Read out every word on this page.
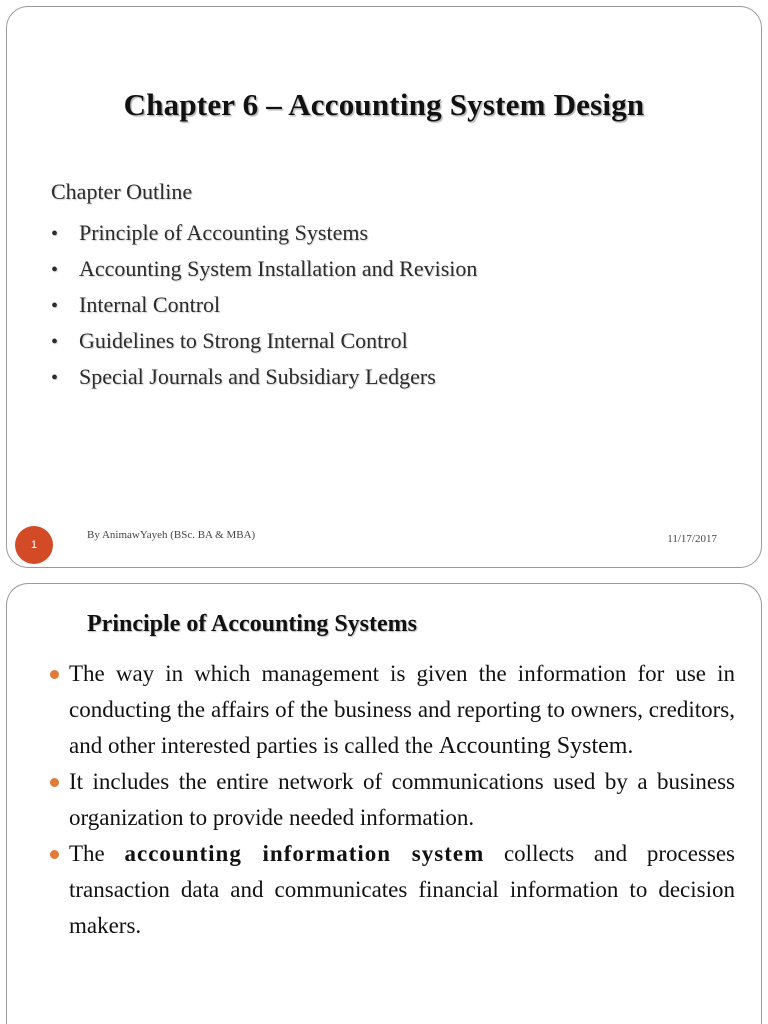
Chapter 6 – Accounting System Design
Chapter Outline
• Principle of Accounting Systems
• Accounting System Installation and Revision
• Internal Control
• Guidelines to Strong Internal Control
• Special Journals and Subsidiary Ledgers
1
By AnimawYayeh (BSc. BA & MBA)	11/17/2017
Principle of Accounting Systems
The way in which management is given the information for use in conducting the affairs of the business and reporting to owners, creditors, and other interested parties is called the Accounting System.
It includes the entire network of communications used by a business organization to provide needed information.
The accounting information system collects and processes transaction data and communicates financial information to decision makers.
